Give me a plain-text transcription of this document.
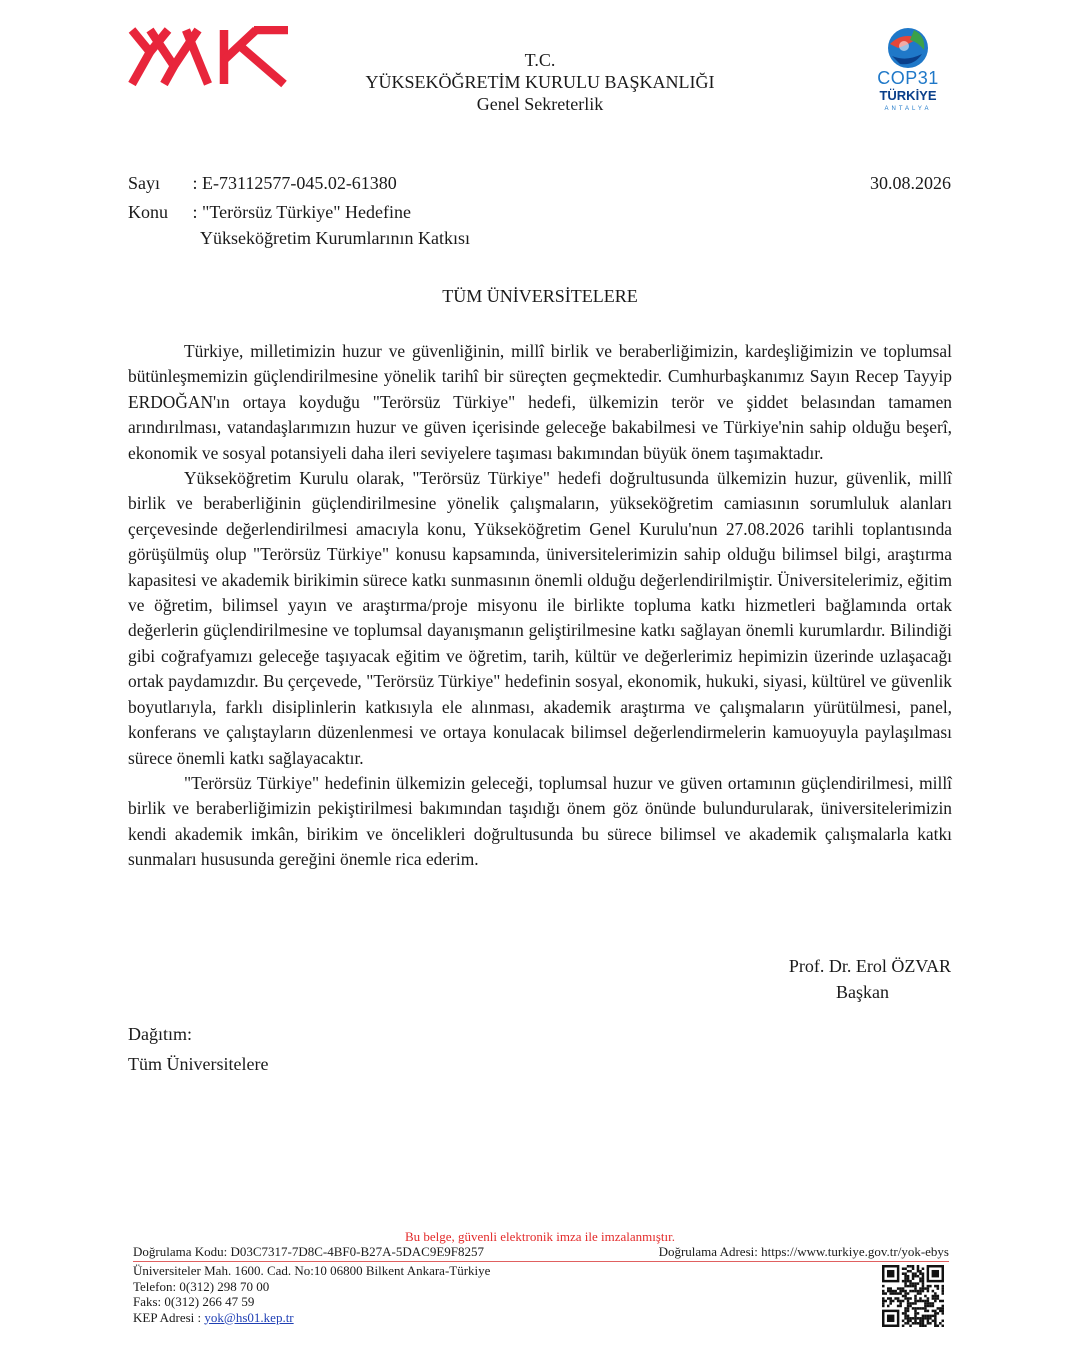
COP31
TÜRKİYE
ANTALYA
T.C.
YÜKSEKÖĞRETİM KURULU BAŞKANLIĞI
Genel Sekreterlik
Sayı : E-73112577-045.02-61380	30.08.2026
Konu : "Terörsüz Türkiye" Hedefine
Yükseköğretim Kurumlarının Katkısı
TÜM ÜNİVERSİTELERE

Türkiye, milletimizin huzur ve güvenliğinin, millî birlik ve beraberliğimizin, kardeşliğimizin ve toplumsal bütünleşmemizin güçlendirilmesine yönelik tarihî bir süreçten geçmektedir. Cumhurbaşkanımız Sayın Recep Tayyip ERDOĞAN'ın ortaya koyduğu "Terörsüz Türkiye" hedefi, ülkemizin terör ve şiddet belasından tamamen arındırılması, vatandaşlarımızın huzur ve güven içerisinde geleceğe bakabilmesi ve Türkiye'nin sahip olduğu beşerî, ekonomik ve sosyal potansiyeli daha ileri seviyelere taşıması bakımından büyük önem taşımaktadır.

Yükseköğretim Kurulu olarak, "Terörsüz Türkiye" hedefi doğrultusunda ülkemizin huzur, güvenlik, millî birlik ve beraberliğinin güçlendirilmesine yönelik çalışmaların, yükseköğretim camiasının sorumluluk alanları çerçevesinde değerlendirilmesi amacıyla konu, Yükseköğretim Genel Kurulu'nun 27.08.2026 tarihli toplantısında görüşülmüş olup "Terörsüz Türkiye" konusu kapsamında, üniversitelerimizin sahip olduğu bilimsel bilgi, araştırma kapasitesi ve akademik birikimin sürece katkı sunmasının önemli olduğu değerlendirilmiştir. Üniversitelerimiz, eğitim ve öğretim, bilimsel yayın ve araştırma/proje misyonu ile birlikte topluma katkı hizmetleri bağlamında ortak değerlerin güçlendirilmesine ve toplumsal dayanışmanın geliştirilmesine katkı sağlayan önemli kurumlardır. Bilindiği gibi coğrafyamızı geleceğe taşıyacak eğitim ve öğretim, tarih, kültür ve değerlerimiz hepimizin üzerinde uzlaşacağı ortak paydamızdır. Bu çerçevede, "Terörsüz Türkiye" hedefinin sosyal, ekonomik, hukuki, siyasi, kültürel ve güvenlik boyutlarıyla, farklı disiplinlerin katkısıyla ele alınması, akademik araştırma ve çalışmaların yürütülmesi, panel, konferans ve çalıştayların düzenlenmesi ve ortaya konulacak bilimsel değerlendirmelerin kamuoyuyla paylaşılması sürece önemli katkı sağlayacaktır.

"Terörsüz Türkiye" hedefinin ülkemizin geleceği, toplumsal huzur ve güven ortamının güçlendirilmesi, millî birlik ve beraberliğimizin pekiştirilmesi bakımından taşıdığı önem göz önünde bulundurularak, üniversitelerimizin kendi akademik imkân, birikim ve öncelikleri doğrultusunda bu sürece bilimsel ve akademik çalışmalarla katkı sunmaları hususunda gereğini önemle rica ederim.

Prof. Dr. Erol ÖZVAR
Başkan
Dağıtım:
Tüm Üniversitelere
Bu belge, güvenli elektronik imza ile imzalanmıştır.
Doğrulama Kodu: D03C7317-7D8C-4BF0-B27A-5DAC9E9F8257	Doğrulama Adresi: https://www.turkiye.gov.tr/yok-ebys
Üniversiteler Mah. 1600. Cad. No:10 06800 Bilkent Ankara-Türkiye
Telefon: 0(312) 298 70 00
Faks: 0(312) 266 47 59
KEP Adresi : yok@hs01.kep.tr
